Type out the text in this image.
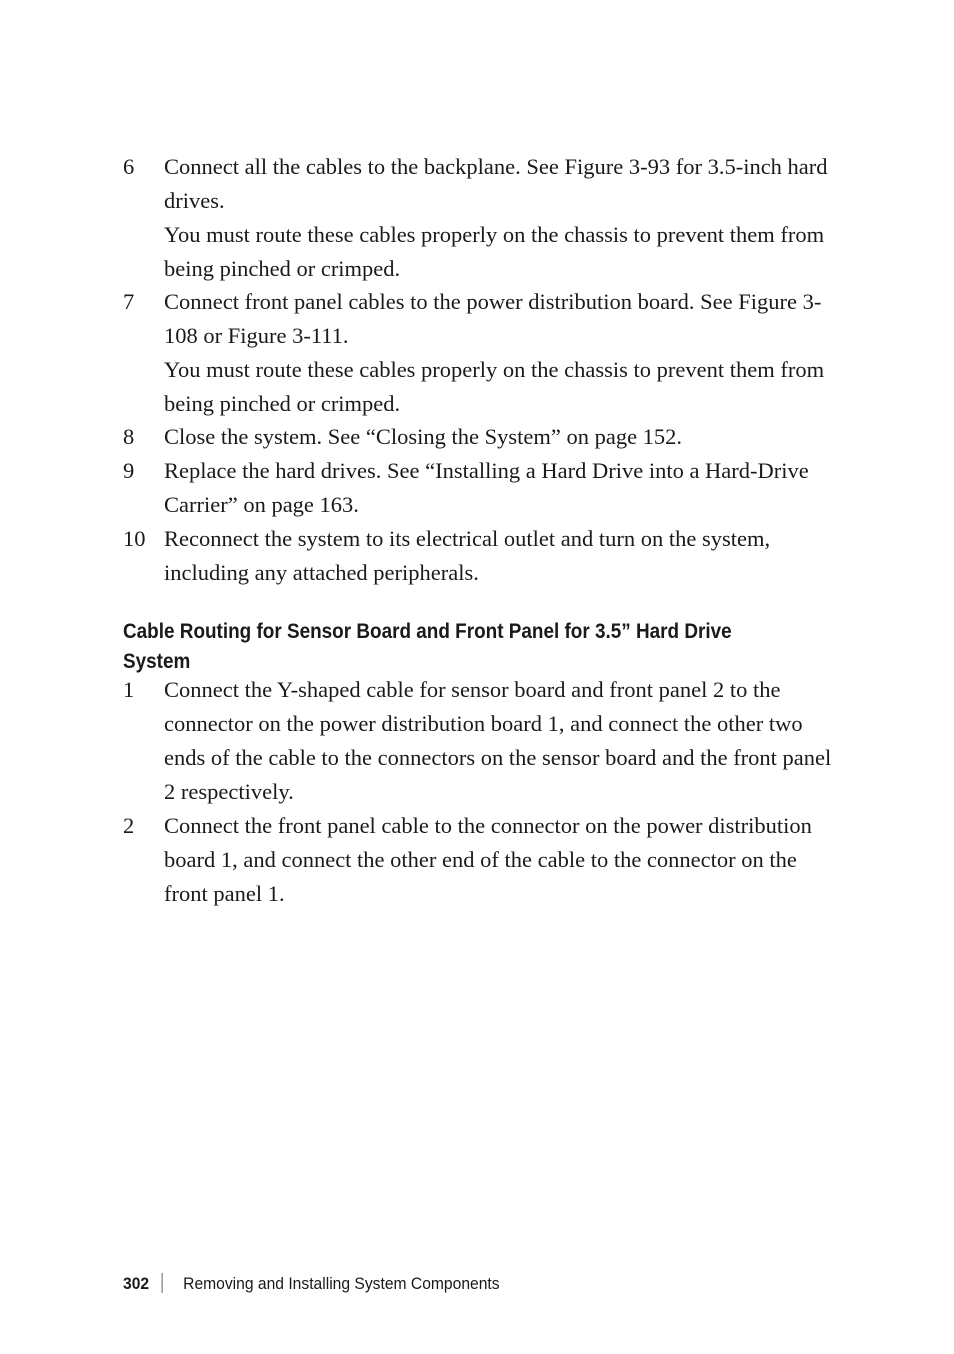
6	Connect all the cables to the backplane. See Figure 3-93 for 3.5-inch hard drives.
You must route these cables properly on the chassis to prevent them from being pinched or crimped.
7	Connect front panel cables to the power distribution board. See Figure 3-108 or Figure 3-111.
You must route these cables properly on the chassis to prevent them from being pinched or crimped.
8	Close the system. See “Closing the System” on page 152.
9	Replace the hard drives. See “Installing a Hard Drive into a Hard-Drive Carrier” on page 163.
10 Reconnect the system to its electrical outlet and turn on the system, including any attached peripherals.
Cable Routing for Sensor Board and Front Panel for 3.5” Hard Drive
System
1	Connect the Y-shaped cable for sensor board and front panel 2 to the connector on the power distribution board 1, and connect the other two ends of the cable to the connectors on the sensor board and the front panel 2 respectively.
2	Connect the front panel cable to the connector on the power distribution board 1, and connect the other end of the cable to the connector on the front panel 1.
302 Removing and Installing System Components
